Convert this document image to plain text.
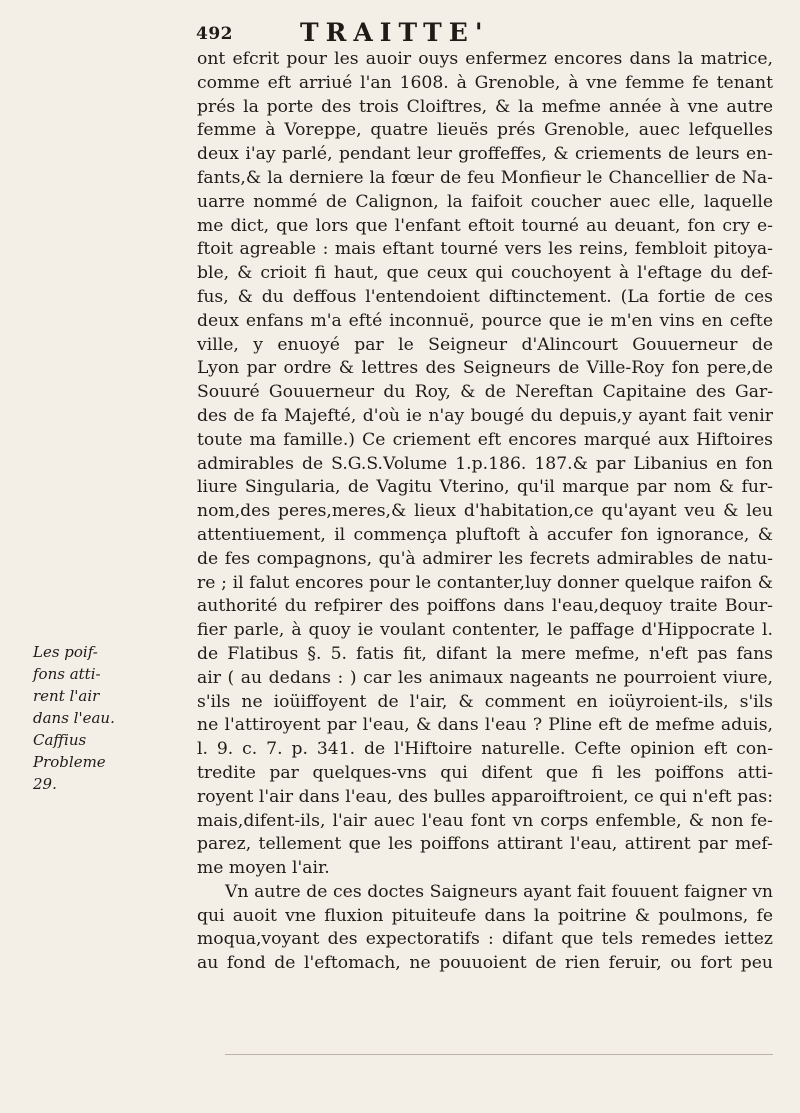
492	TRAITTE'
ont efcrit pour les auoir ouys enfermez encores dans la matrice,
comme eft arriué l'an 1608. à Grenoble, à vne femme fe tenant
prés la porte des trois Cloiftres, & la mefme année à vne autre
femme à Voreppe, quatre lieuës prés Grenoble, auec lefquelles
deux i'ay parlé, pendant leur groffeffes, & criements de leurs en-
fants,& la derniere la fœur de feu Monfieur le Chancellier de Na-
uarre nommé de Calignon, la faifoit coucher auec elle, laquelle
me dict, que lors que l'enfant eftoit tourné au deuant, fon cry e-
ftoit agreable : mais eftant tourné vers les reins, fembloit pitoya-
ble, & crioit fi haut, que ceux qui couchoyent à l'eftage du def-
fus, & du deffous l'entendoient diftinctement. (La fortie de ces
deux enfans m'a efté inconnuë, pource que ie m'en vins en cefte
ville, y enuoyé par le Seigneur d'Alincourt Gouuerneur de
Lyon par ordre & lettres des Seigneurs de Ville-Roy fon pere,de
Souuré Gouuerneur du Roy, & de Nereftan Capitaine des Gar-
des de fa Majefté, d'où ie n'ay bougé du depuis,y ayant fait venir
toute ma famille.) Ce criement eft encores marqué aux Hiftoires
admirables de S.G.S.Volume 1.p.186. 187.& par Libanius en fon
liure Singularia, de Vagitu Vterino, qu'il marque par nom & fur-
nom,des peres,meres,& lieux d'habitation,ce qu'ayant veu & leu
attentiuement, il commença pluftoft à accufer fon ignorance, &
de fes compagnons, qu'à admirer les fecrets admirables de natu-
re ; il falut encores pour le contanter,luy donner quelque raifon &
authorité du refpirer des poiffons dans l'eau,dequoy traite Bour-
fier parle, à quoy ie voulant contenter, le paffage d'Hippocrate l.
de Flatibus §. 5. fatis fit, difant la mere mefme, n'eft pas fans
air ( au dedans : ) car les animaux nageants ne pourroient viure,
s'ils ne ioüiffoyent de l'air, & comment en ioüyroient-ils, s'ils
ne l'attiroyent par l'eau, & dans l'eau ? Pline eft de mefme aduis,
l. 9. c. 7. p. 341. de l'Hiftoire naturelle. Cefte opinion eft con-
tredite par quelques-vns qui difent que fi les poiffons atti-
royent l'air dans l'eau, des bulles apparoiftroient, ce qui n'eft pas:
mais,difent-ils, l'air auec l'eau font vn corps enfemble, & non fe-
parez, tellement que les poiffons attirant l'eau, attirent par mef-
me moyen l'air.
Vn autre de ces doctes Saigneurs ayant fait fouuent faigner vn
qui auoit vne fluxion pituiteufe dans la poitrine & poulmons, fe
moqua,voyant des expectoratifs : difant que tels remedes iettez
au fond de l'eftomach, ne pouuoient de rien feruir, ou fort peu
Les poif-
fons atti-
rent l'air
dans l'eau.
Caffius
Probleme
29.
